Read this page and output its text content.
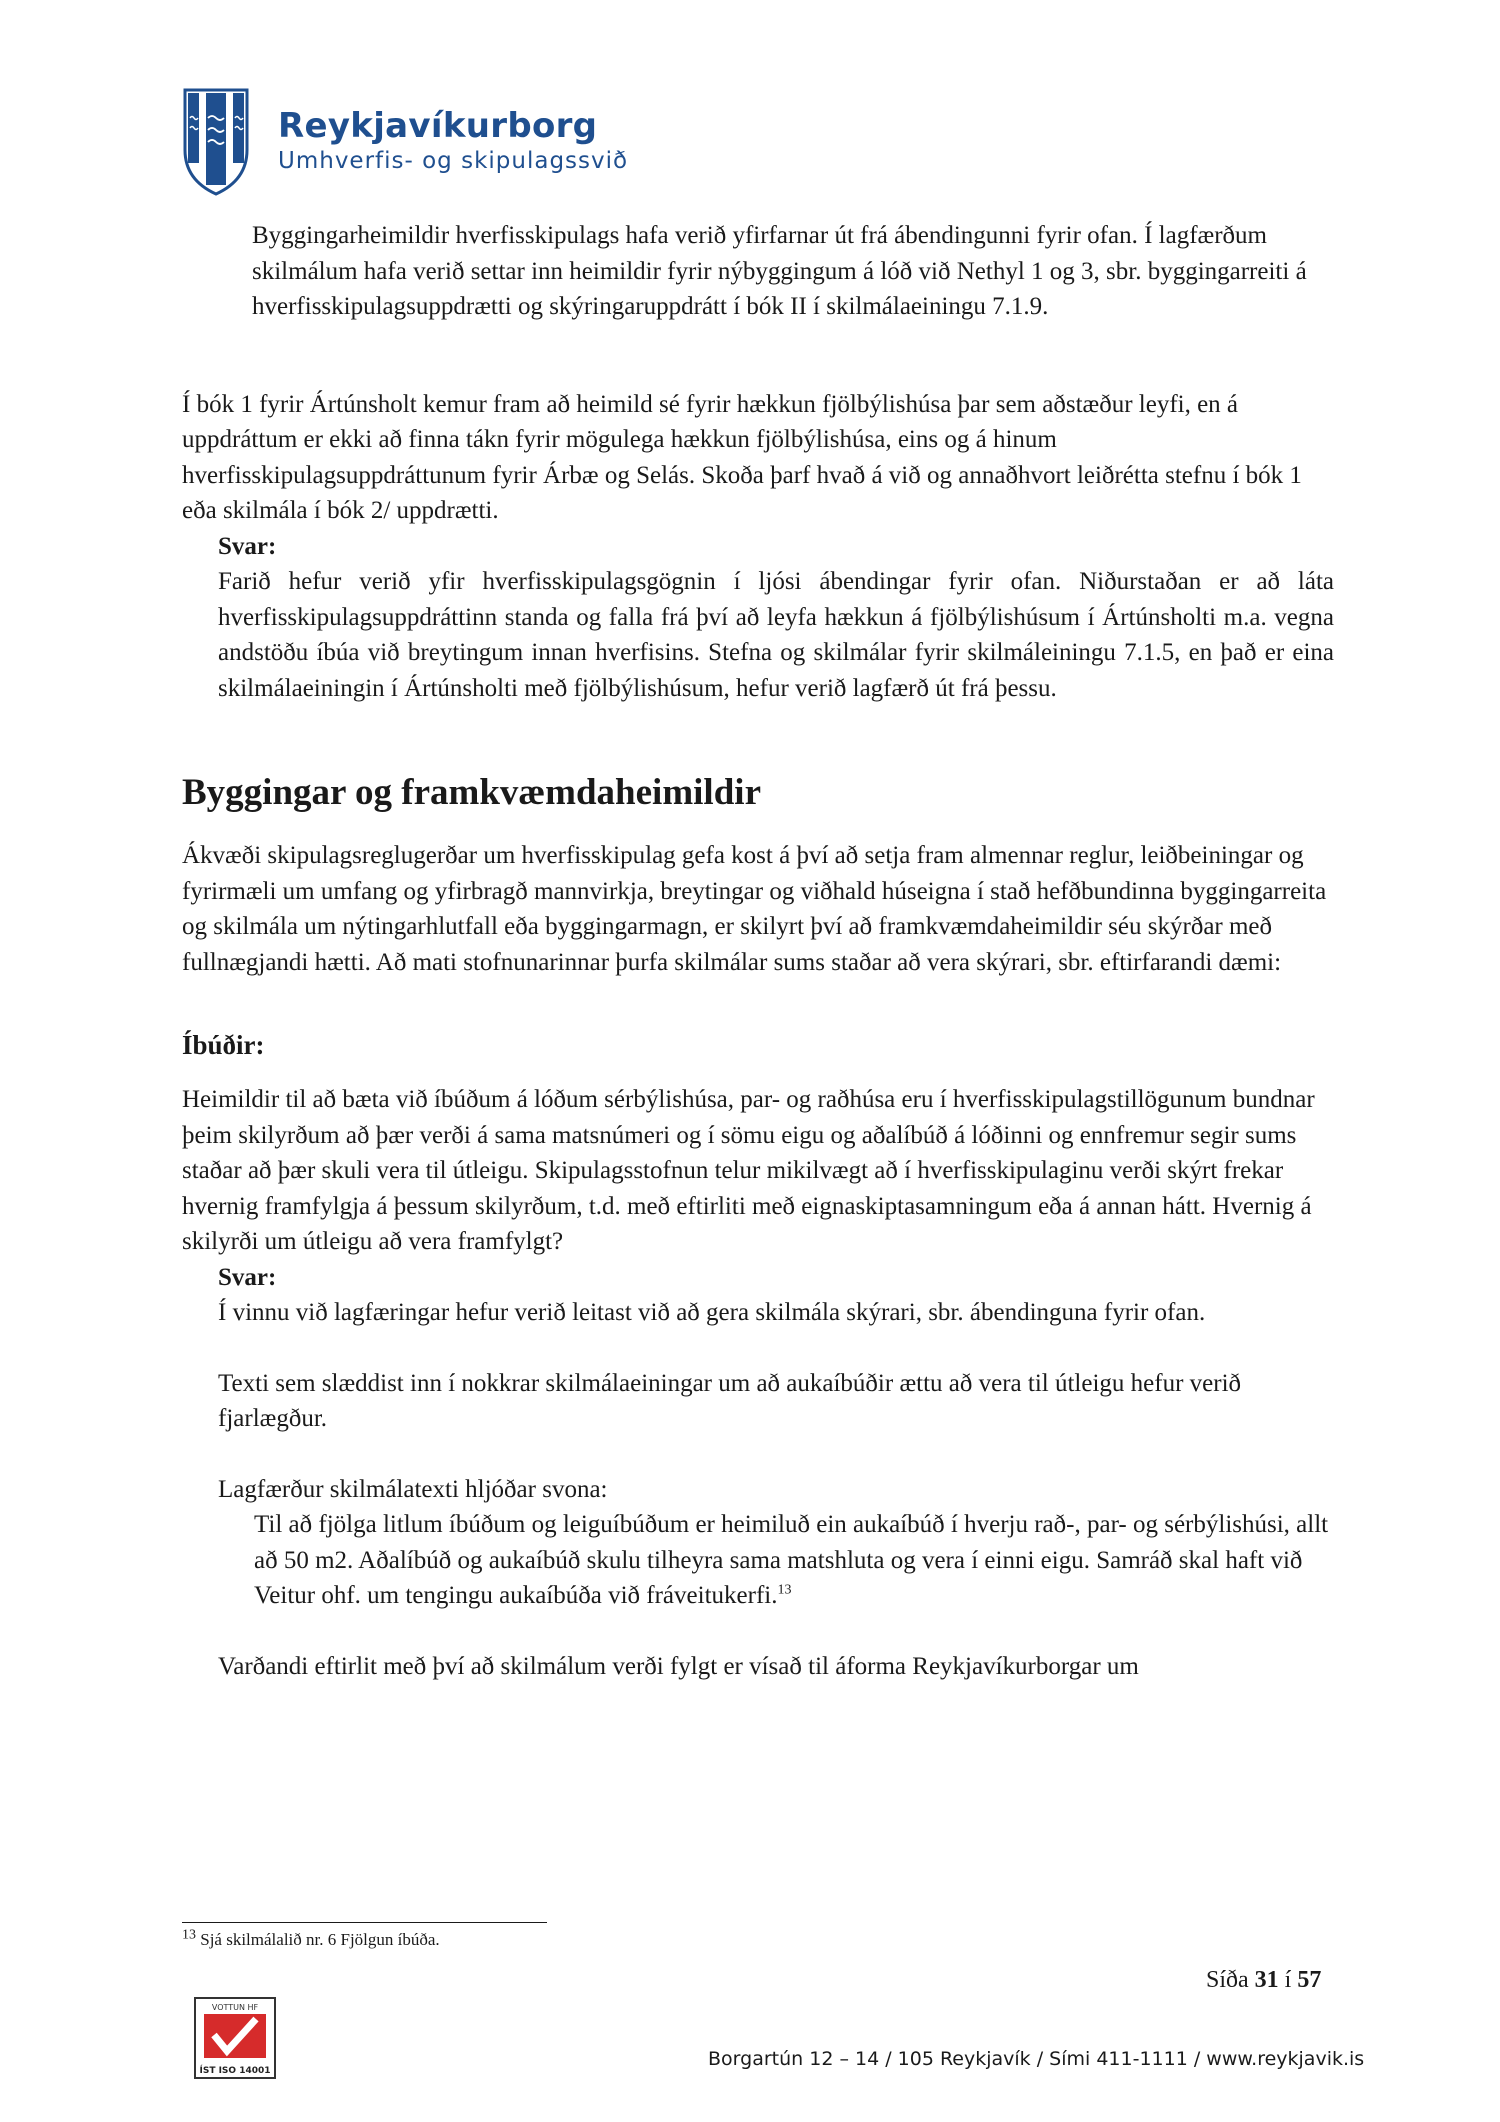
Reykjavíkurborg
Umhverfis- og skipulagssvið

Byggingarheimildir hverfisskipulags hafa verið yfirfarnar út frá ábendingunni fyrir ofan. Í lagfærðum skilmálum hafa verið settar inn heimildir fyrir nýbyggingum á lóð við Nethyl 1 og 3, sbr. byggingarreiti á hverfisskipulagsuppdrætti og skýringaruppdrátt í bók II í skilmálaeiningu 7.1.9.

Í bók 1 fyrir Ártúnsholt kemur fram að heimild sé fyrir hækkun fjölbýlishúsa þar sem aðstæður leyfi, en á uppdráttum er ekki að finna tákn fyrir mögulega hækkun fjölbýlishúsa, eins og á hinum hverfisskipulagsuppdráttunum fyrir Árbæ og Selás. Skoða þarf hvað á við og annaðhvort leiðrétta stefnu í bók 1 eða skilmála í bók 2/ uppdrætti.

Svar:

Farið hefur verið yfir hverfisskipulagsgögnin í ljósi ábendingar fyrir ofan. Niðurstaðan er að láta hverfisskipulagsuppdráttinn standa og falla frá því að leyfa hækkun á fjölbýlishúsum í Ártúnsholti m.a. vegna andstöðu íbúa við breytingum innan hverfisins. Stefna og skilmálar fyrir skilmáleiningu 7.1.5, en það er eina skilmálaeiningin í Ártúnsholti með fjölbýlishúsum, hefur verið lagfærð út frá þessu.

Byggingar og framkvæmdaheimildir

Ákvæði skipulagsreglugerðar um hverfisskipulag gefa kost á því að setja fram almennar reglur, leiðbeiningar og fyrirmæli um umfang og yfirbragð mannvirkja, breytingar og viðhald húseigna í stað hefðbundinna byggingarreita og skilmála um nýtingarhlutfall eða byggingarmagn, er skilyrt því að framkvæmdaheimildir séu skýrðar með fullnægjandi hætti. Að mati stofnunarinnar þurfa skilmálar sums staðar að vera skýrari, sbr. eftirfarandi dæmi:

Íbúðir:

Heimildir til að bæta við íbúðum á lóðum sérbýlishúsa, par- og raðhúsa eru í hverfisskipulagstillögunum bundnar þeim skilyrðum að þær verði á sama matsnúmeri og í sömu eigu og aðalíbúð á lóðinni og ennfremur segir sums staðar að þær skuli vera til útleigu. Skipulagsstofnun telur mikilvægt að í hverfisskipulaginu verði skýrt frekar hvernig framfylgja á þessum skilyrðum, t.d. með eftirliti með eignaskiptasamningum eða á annan hátt. Hvernig á skilyrði um útleigu að vera framfylgt?

Svar:

Í vinnu við lagfæringar hefur verið leitast við að gera skilmála skýrari, sbr. ábendinguna fyrir ofan.

Texti sem slæddist inn í nokkrar skilmálaeiningar um að aukaíbúðir ættu að vera til útleigu hefur verið fjarlægður.

Lagfærður skilmálatexti hljóðar svona:

Til að fjölga litlum íbúðum og leiguíbúðum er heimiluð ein aukaíbúð í hverju rað-, par- og sérbýlishúsi, allt að 50 m2. Aðalíbúð og aukaíbúð skulu tilheyra sama matshluta og vera í einni eigu. Samráð skal haft við Veitur ohf. um tengingu aukaíbúða við fráveitukerfi.$^{13}$

Varðandi eftirlit með því að skilmálum verði fylgt er vísað til áforma Reykjavíkurborgar um

$^{13}$ Sjá skilmálalið nr. 6 Fjölgun íbúða.
Síða 31 í 57
VOTTUN HF
ÍST ISO 14001
Borgartún 12 – 14 / 105 Reykjavík / Sími 411-1111 / www.reykjavik.is
